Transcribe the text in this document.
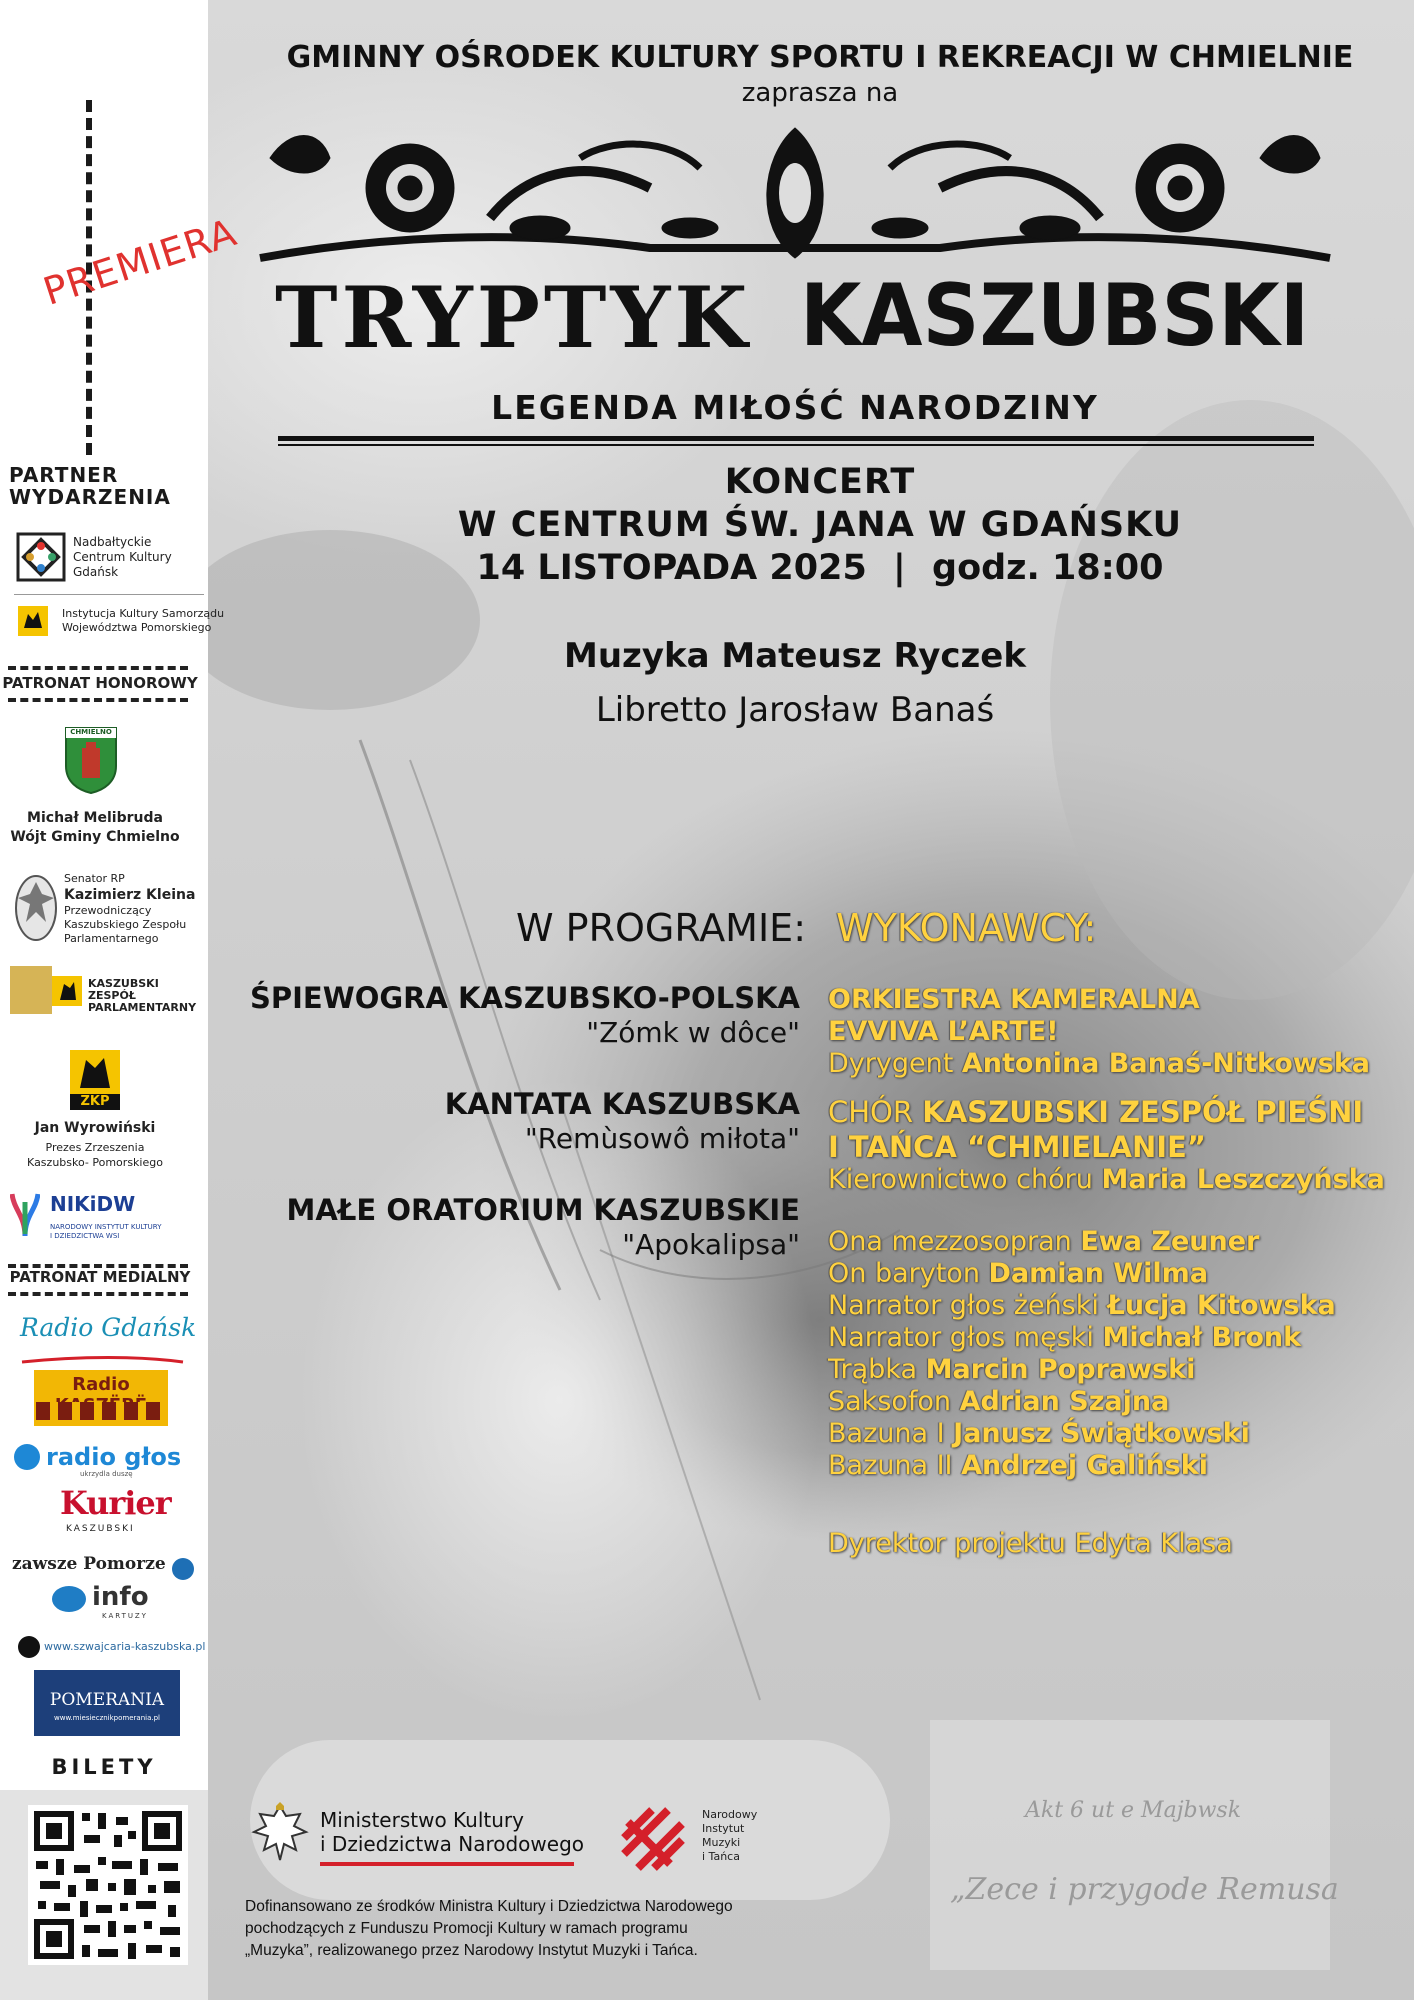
PREMIERA
PARTNER
WYDARZENIA
Nadbałtyckie
Centrum Kultury
Gdańsk
Instytucja Kultury Samorządu
Województwa Pomorskiego
PATRONAT HONOROWY
CHMIELNO
Michał Melibruda
Wójt Gminy Chmielno
Senator RP
Kazimierz Kleina
Przewodniczący
Kaszubskiego Zespołu
Parlamentarnego
KASZUBSKI
ZESPÓŁ
PARLAMENTARNY
ZKP
Jan Wyrowiński
Prezes Zrzeszenia
Kaszubsko- Pomorskiego
NIKiDW
NARODOWY INSTYTUT KULTURY
I DZIEDZICTWA WSI
PATRONAT MEDIALNY
Radio Gdańsk
Radio
radio głos
ukrzydla duszę
Kurier
KASZUBSKI
zawsze Pomorze
info
KARTUZY
www.szwajcaria-kaszubska.pl
POMERANIA
www.miesiecznikpomerania.pl
BILETY
GMINNY OŚRODEK KULTURY SPORTU I REKREACJI W CHMIELNIE
zaprasza na
TRYPTYK KASZUBSKI
LEGENDA MIŁOŚĆ NARODZINY
KONCERT
W CENTRUM ŚW. JANA W GDAŃSKU
14 LISTOPADA 2025 | godz. 18:00
Muzyka Mateusz Ryczek
Libretto Jarosław Banaś
W PROGRAMIE:
ŚPIEWOGRA KASZUBSKO-POLSKA
"Zómk w dôce"
KANTATA KASZUBSKA
"Remùsowô miłota"
MAŁE ORATORIUM KASZUBSKIE
"Apokalipsa"
WYKONAWCY:
ORKIESTRA KAMERALNA
EVVIVA L’ARTE!
Dyrygent Antonina Banaś-Nitkowska
CHÓR KASZUBSKI ZESPÓŁ PIEŚNI
I TAŃCA “CHMIELANIE”
Kierownictwo chóru Maria Leszczyńska
Ona mezzosopran Ewa Zeuner
On baryton Damian Wilma
Narrator głos żeński Łucja Kitowska
Narrator głos męski Michał Bronk
Trąbka Marcin Poprawski
Saksofon Adrian Szajna
Bazuna I Janusz Świątkowski
Bazuna II Andrzej Galiński
Dyrektor projektu Edyta Klasa
Akt 6 ut e Majbwsk
„Zece i przygode Remusa
Ministerstwo Kultury
i Dziedzictwa Narodowego
Narodowy
Instytut
Muzyki
i Tańca
Dofinansowano ze środków Ministra Kultury i Dziedzictwa Narodowego
pochodzących z Funduszu Promocji Kultury w ramach programu
„Muzyka”, realizowanego przez Narodowy Instytut Muzyki i Tańca.
